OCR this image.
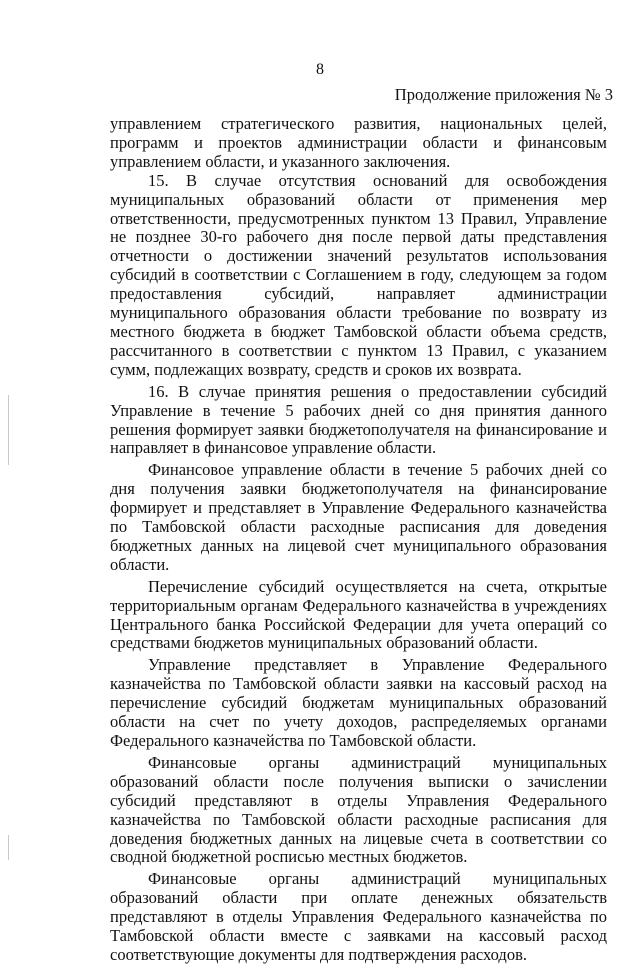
8
Продолжение приложения № 3

управлением стратегического развития, национальных целей, программ и проектов администрации области и финансовым управлением области, и указанного заключения.

15. В случае отсутствия оснований для освобождения муниципальных образований области от применения мер ответственности, предусмотренных пунктом 13 Правил, Управление не позднее 30-го рабочего дня после первой даты представления отчетности о достижении значений результатов использования субсидий в соответствии с Соглашением в году, следующем за годом предоставления субсидий, направляет администрации муниципального образования области требование по возврату из местного бюджета в бюджет Тамбовской области объема средств, рассчитанного в соответствии с пунктом 13 Правил, с указанием сумм, подлежащих возврату, средств и сроков их возврата.

16. В случае принятия решения о предоставлении субсидий Управление в течение 5 рабочих дней со дня принятия данного решения формирует заявки бюджетополучателя на финансирование и направляет в финансовое управление области.

Финансовое управление области в течение 5 рабочих дней со дня получения заявки бюджетополучателя на финансирование формирует и представляет в Управление Федерального казначейства по Тамбовской области расходные расписания для доведения бюджетных данных на лицевой счет муниципального образования области.

Перечисление субсидий осуществляется на счета, открытые территориальным органам Федерального казначейства в учреждениях Центрального банка Российской Федерации для учета операций со средствами бюджетов муниципальных образований области.

Управление представляет в Управление Федерального казначейства по Тамбовской области заявки на кассовый расход на перечисление субсидий бюджетам муниципальных образований области на счет по учету доходов, распределяемых органами Федерального казначейства по Тамбовской области.

Финансовые органы администраций муниципальных образований области после получения выписки о зачислении субсидий представляют в отделы Управления Федерального казначейства по Тамбовской области расходные расписания для доведения бюджетных данных на лицевые счета в соответствии со сводной бюджетной росписью местных бюджетов.

Финансовые органы администраций муниципальных образований области при оплате денежных обязательств представляют в отделы Управления Федерального казначейства по Тамбовской области вместе с заявками на кассовый расход соответствующие документы для подтверждения расходов.
